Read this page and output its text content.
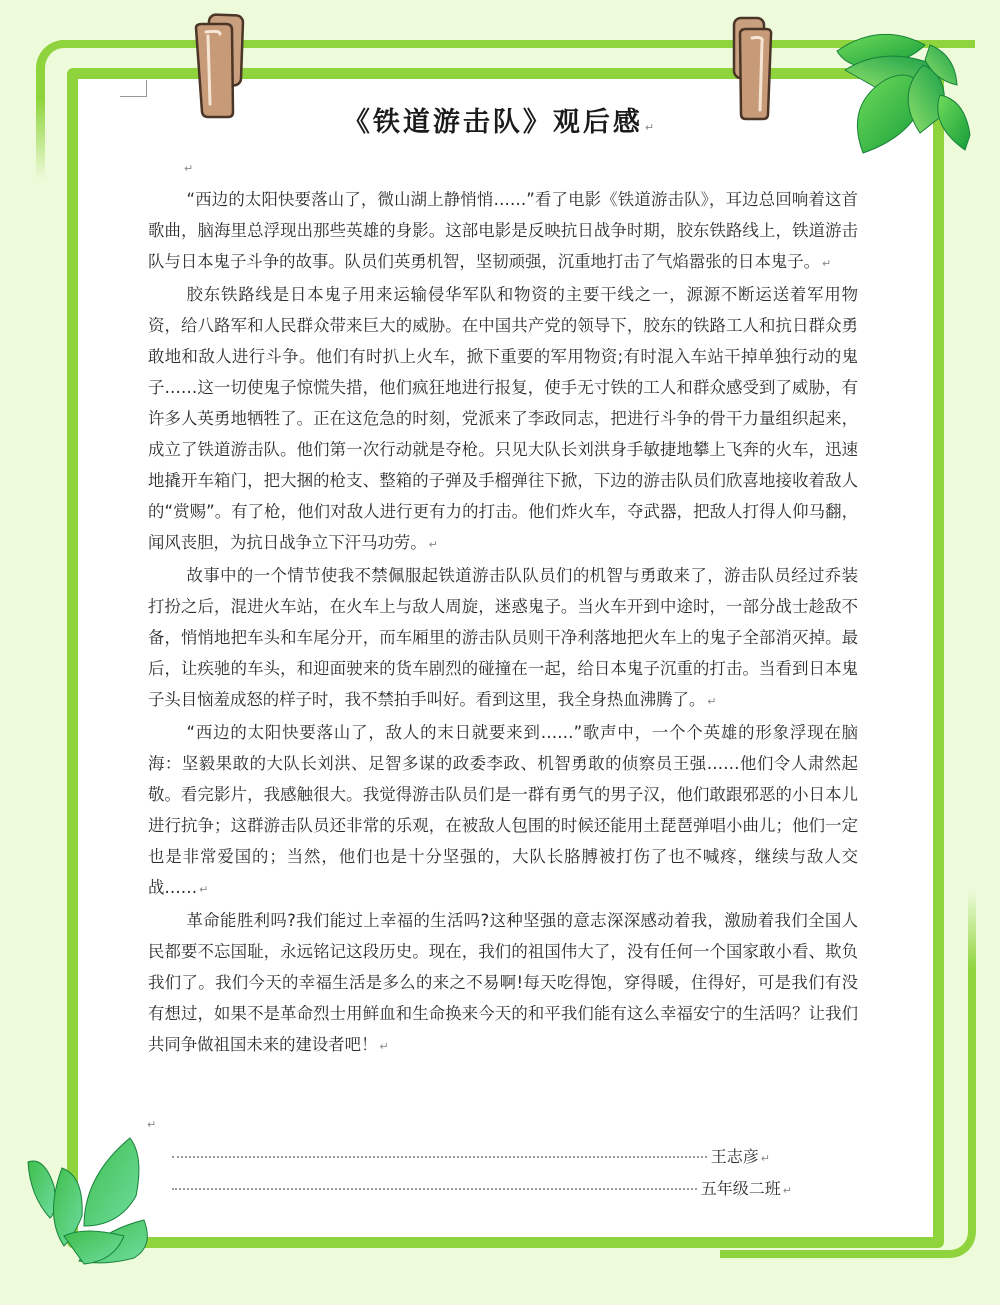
《铁道游击队》观后感 ↵
↵

“西边的太阳快要落山了，微山湖上静悄悄……”看了电影《铁道游击队》，耳边总回响着这首歌曲，脑海里总浮现出那些英雄的身影。这部电影是反映抗日战争时期，胶东铁路线上，铁道游击队与日本鬼子斗争的故事。队员们英勇机智，坚韧顽强，沉重地打击了气焰嚣张的日本鬼子。 ↵

胶东铁路线是日本鬼子用来运输侵华军队和物资的主要干线之一，源源不断运送着军用物资，给八路军和人民群众带来巨大的威胁。在中国共产党的领导下，胶东的铁路工人和抗日群众勇敢地和敌人进行斗争。他们有时扒上火车，掀下重要的军用物资;有时混入车站干掉单独行动的鬼子……这一切使鬼子惊慌失措，他们疯狂地进行报复，使手无寸铁的工人和群众感受到了威胁，有许多人英勇地牺牲了。正在这危急的时刻，党派来了李政同志，把进行斗争的骨干力量组织起来，成立了铁道游击队。他们第一次行动就是夺枪。只见大队长刘洪身手敏捷地攀上飞奔的火车，迅速地撬开车箱门，把大捆的枪支、整箱的子弹及手榴弹往下掀，下边的游击队员们欣喜地接收着敌人的“赏赐”。有了枪，他们对敌人进行更有力的打击。他们炸火车，夺武器，把敌人打得人仰马翻，闻风丧胆，为抗日战争立下汗马功劳。 ↵

故事中的一个情节使我不禁佩服起铁道游击队队员们的机智与勇敢来了，游击队员经过乔装打扮之后，混进火车站，在火车上与敌人周旋，迷惑鬼子。当火车开到中途时，一部分战士趁敌不备，悄悄地把车头和车尾分开，而车厢里的游击队员则干净利落地把火车上的鬼子全部消灭掉。最后，让疾驰的车头，和迎面驶来的货车剧烈的碰撞在一起，给日本鬼子沉重的打击。当看到日本鬼子头目恼羞成怒的样子时，我不禁拍手叫好。看到这里，我全身热血沸腾了。 ↵

“西边的太阳快要落山了，敌人的末日就要来到……”歌声中，一个个英雄的形象浮现在脑海：坚毅果敢的大队长刘洪、足智多谋的政委李政、机智勇敢的侦察员王强……他们令人肃然起敬。看完影片，我感触很大。我觉得游击队员们是一群有勇气的男子汉，他们敢跟邪恶的小日本儿进行抗争；这群游击队员还非常的乐观，在被敌人包围的时候还能用土琵琶弹唱小曲儿；他们一定也是非常爱国的；当然，他们也是十分坚强的，大队长胳膊被打伤了也不喊疼，继续与敌人交战…… ↵

革命能胜利吗?我们能过上幸福的生活吗?这种坚强的意志深深感动着我，激励着我们全国人民都要不忘国耻，永远铭记这段历史。现在，我们的祖国伟大了，没有任何一个国家敢小看、欺负我们了。我们今天的幸福生活是多么的来之不易啊!每天吃得饱，穿得暖，住得好，可是我们有没有想过，如果不是革命烈士用鲜血和生命换来今天的和平我们能有这么幸福安宁的生活吗？让我们共同争做祖国未来的建设者吧！ ↵

↵
王志彦 ↵
五年级二班 ↵
